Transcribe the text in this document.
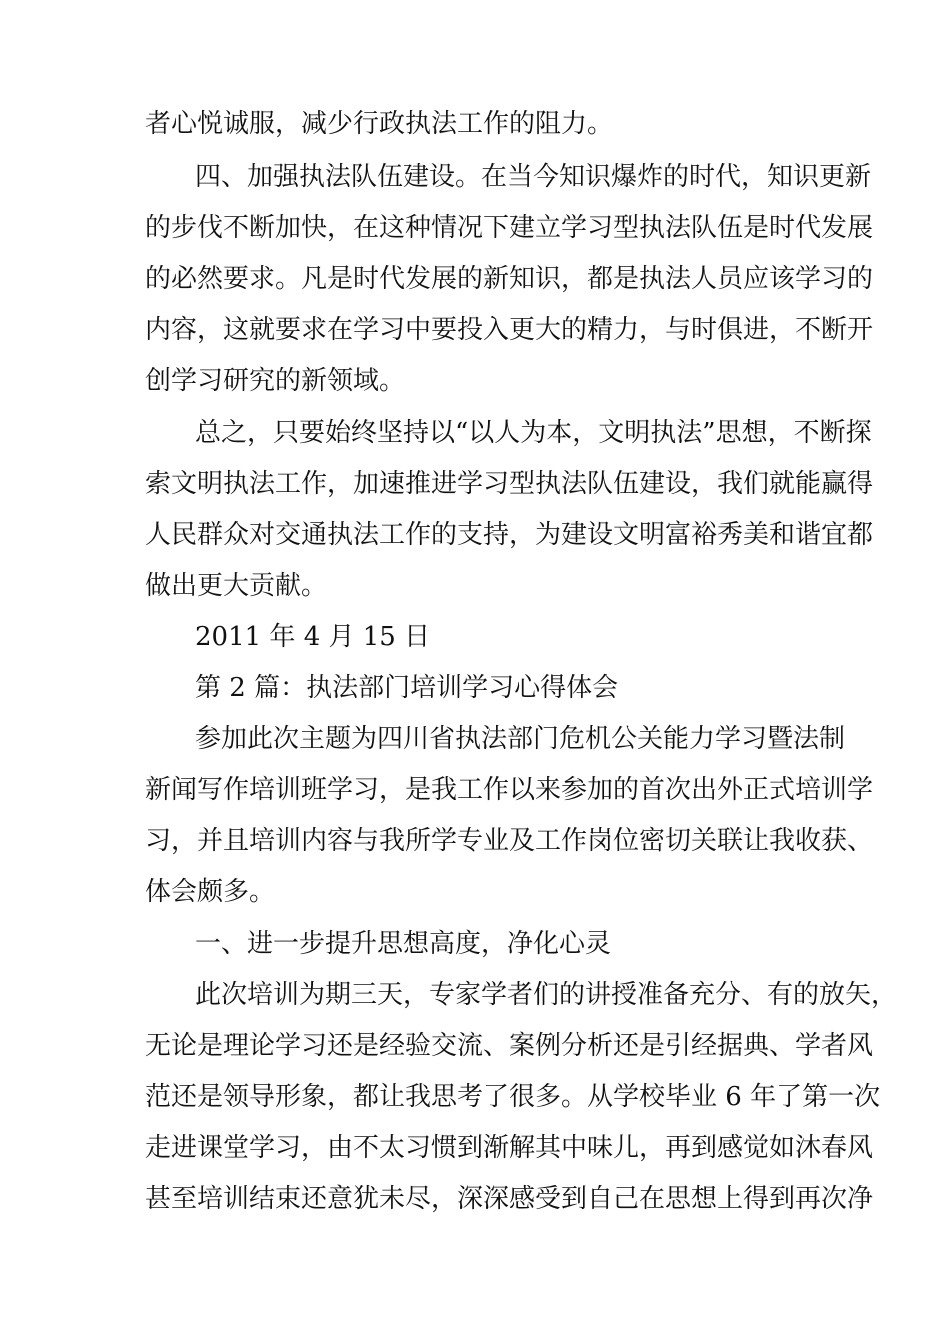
者心悦诚服，减少行政执法工作的阻力。
四、加强执法队伍建设。在当今知识爆炸的时代，知识更新
的步伐不断加快，在这种情况下建立学习型执法队伍是时代发展
的必然要求。凡是时代发展的新知识，都是执法人员应该学习的
内容，这就要求在学习中要投入更大的精力，与时俱进，不断开
创学习研究的新领域。
总之，只要始终坚持以“以人为本，文明执法”思想，不断探
索文明执法工作，加速推进学习型执法队伍建设，我们就能赢得
人民群众对交通执法工作的支持，为建设文明富裕秀美和谐宜都
做出更大贡献。
2011 年 4 月 15 日
第 2 篇：执法部门培训学习心得体会
参加此次主题为四川省执法部门危机公关能力学习暨法制
新闻写作培训班学习，是我工作以来参加的首次出外正式培训学
习，并且培训内容与我所学专业及工作岗位密切关联让我收获、
体会颇多。
一、进一步提升思想高度，净化心灵
此次培训为期三天，专家学者们的讲授准备充分、有的放矢，
无论是理论学习还是经验交流、案例分析还是引经据典、学者风
范还是领导形象，都让我思考了很多。从学校毕业 6 年了第一次
走进课堂学习，由不太习惯到渐解其中味儿，再到感觉如沐春风
甚至培训结束还意犹未尽，深深感受到自己在思想上得到再次净
